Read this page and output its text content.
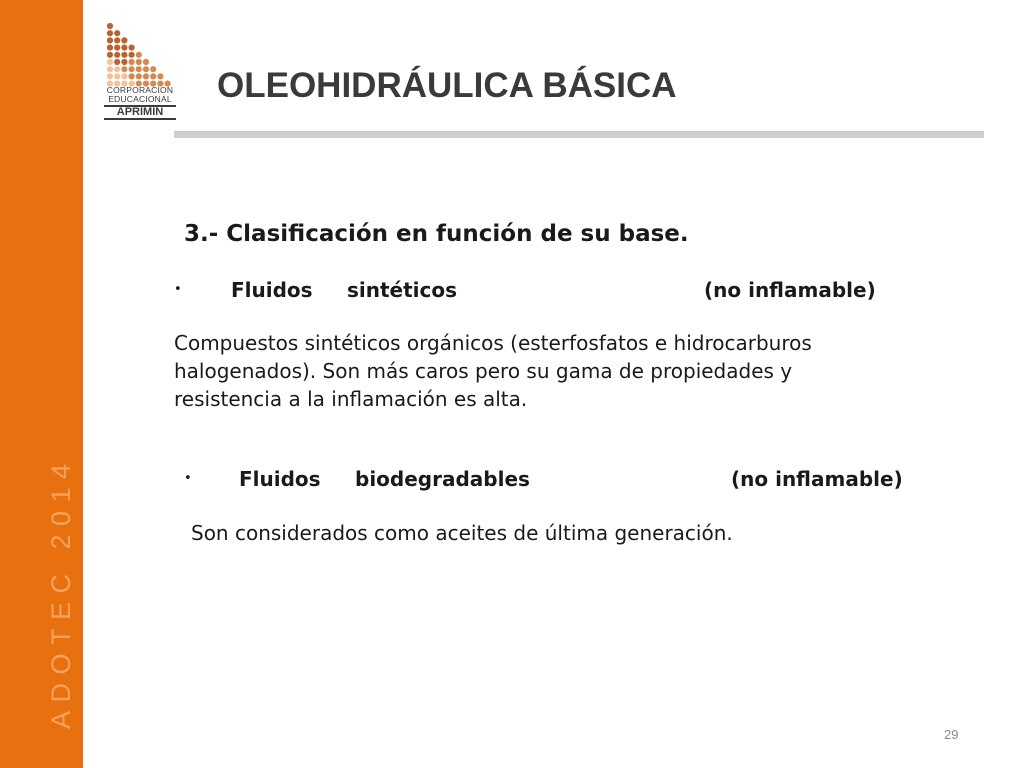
ADOTEC 2014
CORPORACION
EDUCACIONAL
APRIMIN
OLEOHIDRÁULICA BÁSICA
3.- Clasificación en función de su base.
• Fluidos sintéticos	(no inflamable)
Compuestos sintéticos orgánicos (esterfosfatos e hidrocarburos
halogenados). Son más caros pero su gama de propiedades y
resistencia a la inflamación es alta.
• Fluidos biodegradables	(no inflamable)
Son considerados como aceites de última generación.
29
